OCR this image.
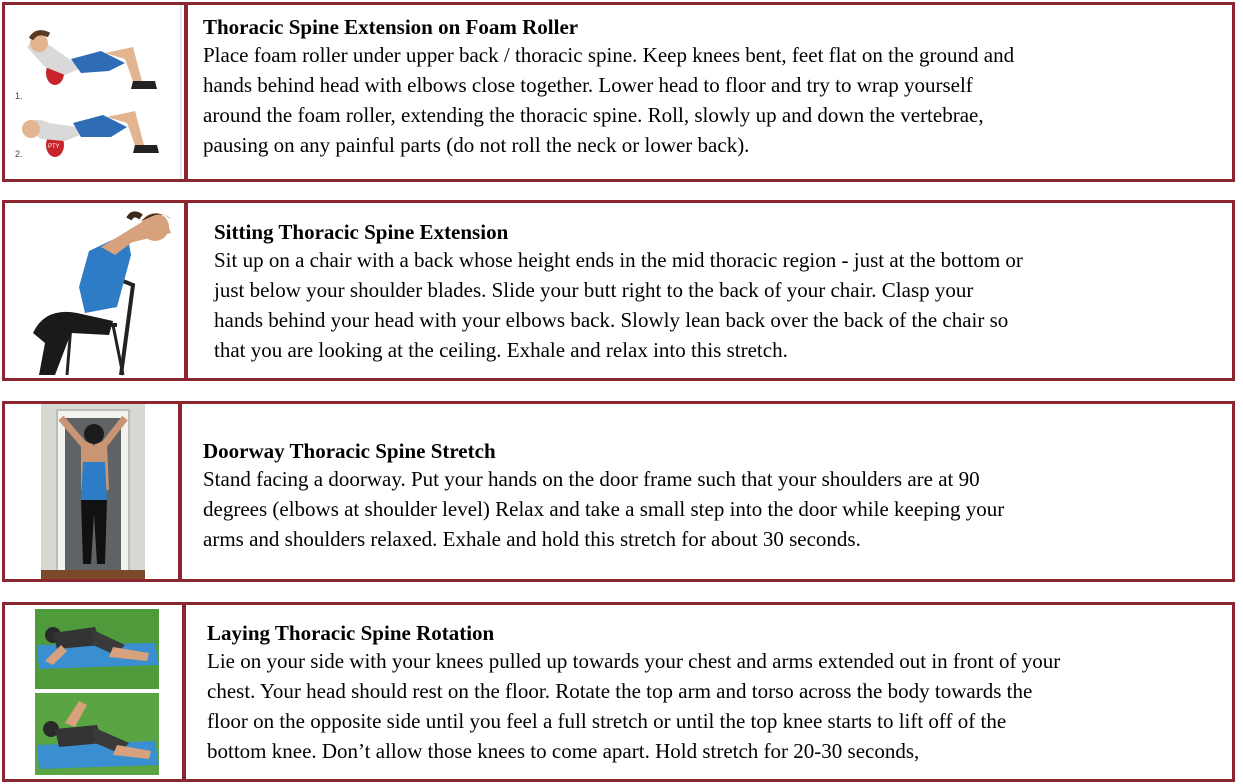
1.
2.
PTY

Thoracic Spine Extension on Foam Roller

Place foam roller under upper back / thoracic spine. Keep knees bent, feet flat on the ground and
hands behind head with elbows close together. Lower head to floor and try to wrap yourself
around the foam roller, extending the thoracic spine. Roll, slowly up and down the vertebrae,
pausing on any painful parts (do not roll the neck or lower back).

Sitting Thoracic Spine Extension

Sit up on a chair with a back whose height ends in the mid thoracic region - just at the bottom or
just below your shoulder blades. Slide your butt right to the back of your chair. Clasp your
hands behind your head with your elbows back. Slowly lean back over the back of the chair so
that you are looking at the ceiling. Exhale and relax into this stretch.

Doorway Thoracic Spine Stretch

Stand facing a doorway. Put your hands on the door frame such that your shoulders are at 90
degrees (elbows at shoulder level) Relax and take a small step into the door while keeping your
arms and shoulders relaxed. Exhale and hold this stretch for about 30 seconds.

Laying Thoracic Spine Rotation

Lie on your side with your knees pulled up towards your chest and arms extended out in front of your
chest. Your head should rest on the floor. Rotate the top arm and torso across the body towards the
floor on the opposite side until you feel a full stretch or until the top knee starts to lift off of the
bottom knee. Don’t allow those knees to come apart. Hold stretch for 20-30 seconds,
